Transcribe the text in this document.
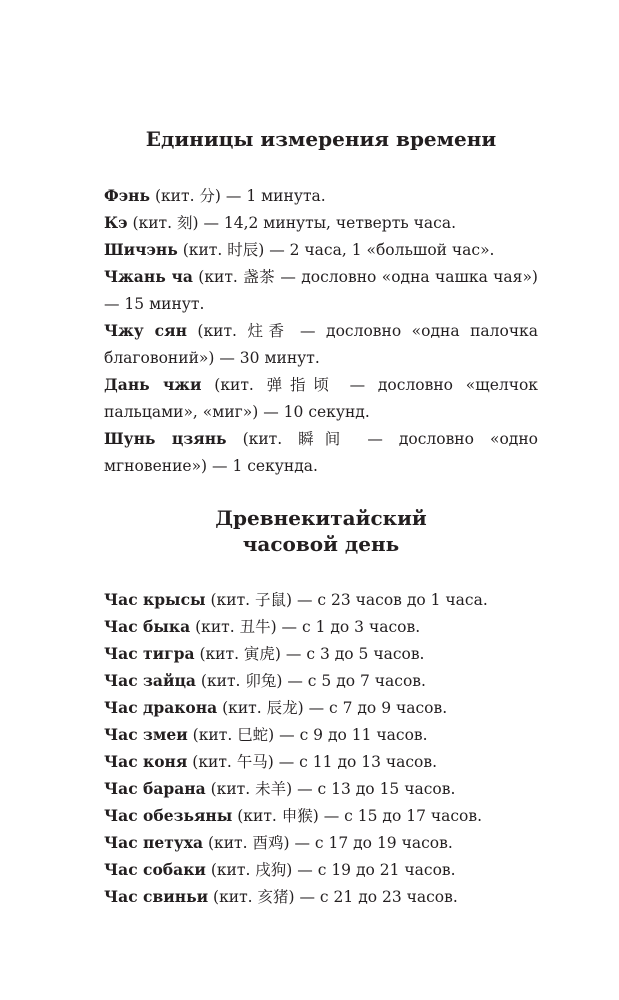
Единицы измерения времени

Фэнь (кит. 分) — 1 минута.

Кэ (кит. 刻) — 14,2 минуты, четверть часа.

Шичэнь (кит. 时辰) — 2 часа, 1 «большой час».

Чжань ча (кит. 盏茶 — дословно «одна чашка чая») — 15 минут.

Чжу сян (кит. 炷香 — дословно «одна палочка благовоний») — 30 минут.

Дань чжи (кит. 弹指顷 — дословно «щелчок пальцами», «миг») — 10 секунд.

Шунь цзянь (кит. 瞬间 — дословно «одно мгновение») — 1 секунда.

Древнекитайский
часовой день

Час крысы (кит. 子鼠) — с 23 часов до 1 часа.

Час быка (кит. 丑牛) — с 1 до 3 часов.

Час тигра (кит. 寅虎) — с 3 до 5 часов.

Час зайца (кит. 卯兔) — с 5 до 7 часов.

Час дракона (кит. 辰龙) — с 7 до 9 часов.

Час змеи (кит. 巳蛇) — с 9 до 11 часов.

Час коня (кит. 午马) — с 11 до 13 часов.

Час барана (кит. 未羊) — с 13 до 15 часов.

Час обезьяны (кит. 申猴) — с 15 до 17 часов.

Час петуха (кит. 酉鸡) — с 17 до 19 часов.

Час собаки (кит. 戌狗) — с 19 до 21 часов.

Час свиньи (кит. 亥猪) — с 21 до 23 часов.
